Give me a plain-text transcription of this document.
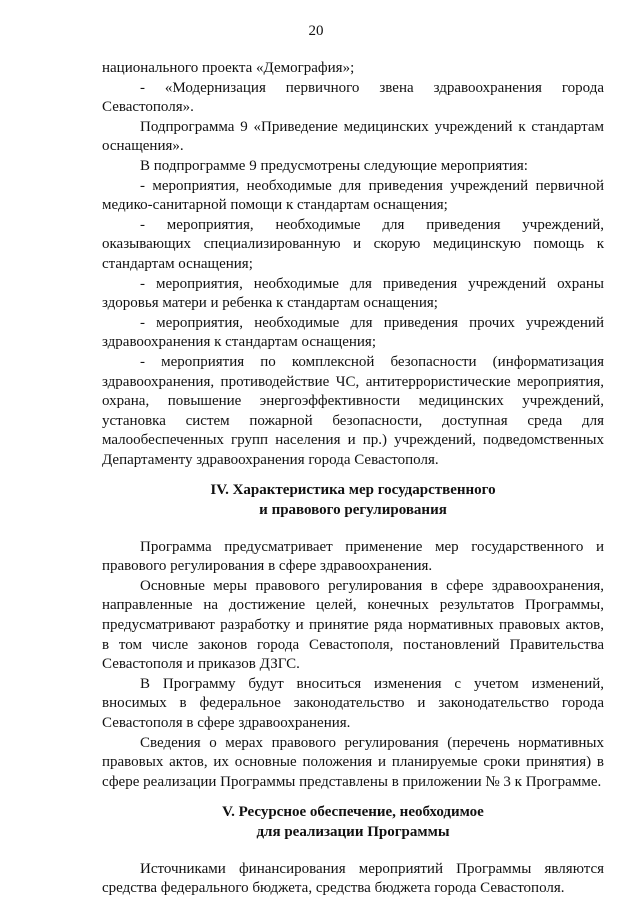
20

национального проекта «Демография»;

- «Модернизация первичного звена здравоохранения города Севастополя».

Подпрограмма 9 «Приведение медицинских учреждений к стандартам оснащения».

В подпрограмме 9 предусмотрены следующие мероприятия:

- мероприятия, необходимые для приведения учреждений первичной медико-санитарной помощи к стандартам оснащения;

- мероприятия, необходимые для приведения учреждений, оказывающих специализированную и скорую медицинскую помощь к стандартам оснащения;

- мероприятия, необходимые для приведения учреждений охраны здоровья матери и ребенка к стандартам оснащения;

- мероприятия, необходимые для приведения прочих учреждений здравоохранения к стандартам оснащения;

- мероприятия по комплексной безопасности (информатизация здравоохранения, противодействие ЧС, антитеррористические мероприятия, охрана, повышение энергоэффективности медицинских учреждений, установка систем пожарной безопасности, доступная среда для малообеспеченных групп населения и пр.) учреждений, подведомственных Департаменту здравоохранения города Севастополя.

IV. Характеристика мер государственного
и правового регулирования

Программа предусматривает применение мер государственного и правового регулирования в сфере здравоохранения.

Основные меры правового регулирования в сфере здравоохранения, направленные на достижение целей, конечных результатов Программы, предусматривают разработку и принятие ряда нормативных правовых актов, в том числе законов города Севастополя, постановлений Правительства Севастополя и приказов ДЗГС.

В Программу будут вноситься изменения с учетом изменений, вносимых в федеральное законодательство и законодательство города Севастополя в сфере здравоохранения.

Сведения о мерах правового регулирования (перечень нормативных правовых актов, их основные положения и планируемые сроки принятия) в сфере реализации Программы представлены в приложении № 3 к Программе.

V. Ресурсное обеспечение, необходимое
для реализации Программы

Источниками финансирования мероприятий Программы являются средства федерального бюджета, средства бюджета города Севастополя.
